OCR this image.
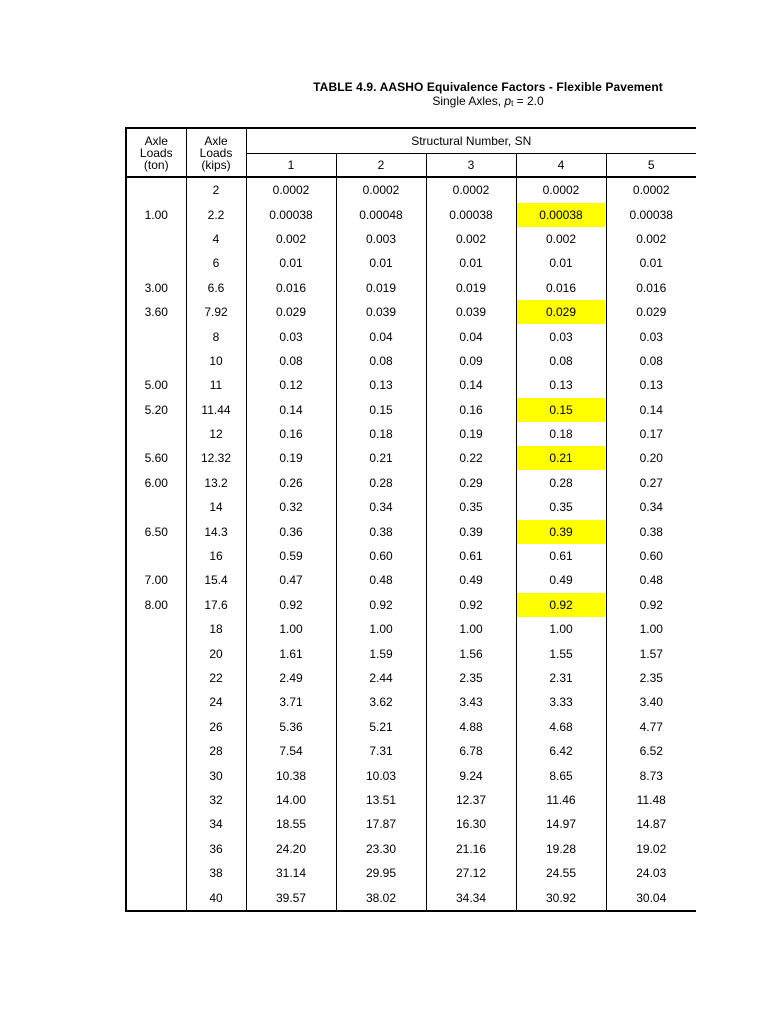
TABLE 4.9. AASHO Equivalence Factors - Flexible Pavement
Single Axles, $p_t = 2.0$
Axle Loads (ton)	Axle Loads (kips)	Structural Number, SN				
		1	2	3	4	5
	2	0.0002	0.0002	0.0002	0.0002	0.0002
1.00	2.2	0.00038	0.00048	0.00038	0.00038	0.00038
	4	0.002	0.003	0.002	0.002	0.002
	6	0.01	0.01	0.01	0.01	0.01
3.00	6.6	0.016	0.019	0.019	0.016	0.016
3.60	7.92	0.029	0.039	0.039	0.029	0.029
	8	0.03	0.04	0.04	0.03	0.03
	10	0.08	0.08	0.09	0.08	0.08
5.00	11	0.12	0.13	0.14	0.13	0.13
5.20	11.44	0.14	0.15	0.16	0.15	0.14
	12	0.16	0.18	0.19	0.18	0.17
5.60	12.32	0.19	0.21	0.22	0.21	0.20
6.00	13.2	0.26	0.28	0.29	0.28	0.27
	14	0.32	0.34	0.35	0.35	0.34
6.50	14.3	0.36	0.38	0.39	0.39	0.38
	16	0.59	0.60	0.61	0.61	0.60
7.00	15.4	0.47	0.48	0.49	0.49	0.48
8.00	17.6	0.92	0.92	0.92	0.92	0.92
	18	1.00	1.00	1.00	1.00	1.00
	20	1.61	1.59	1.56	1.55	1.57
	22	2.49	2.44	2.35	2.31	2.35
	24	3.71	3.62	3.43	3.33	3.40
	26	5.36	5.21	4.88	4.68	4.77
	28	7.54	7.31	6.78	6.42	6.52
	30	10.38	10.03	9.24	8.65	8.73
	32	14.00	13.51	12.37	11.46	11.48
	34	18.55	17.87	16.30	14.97	14.87
	36	24.20	23.30	21.16	19.28	19.02
	38	31.14	29.95	27.12	24.55	24.03
	40	39.57	38.02	34.34	30.92	30.04
